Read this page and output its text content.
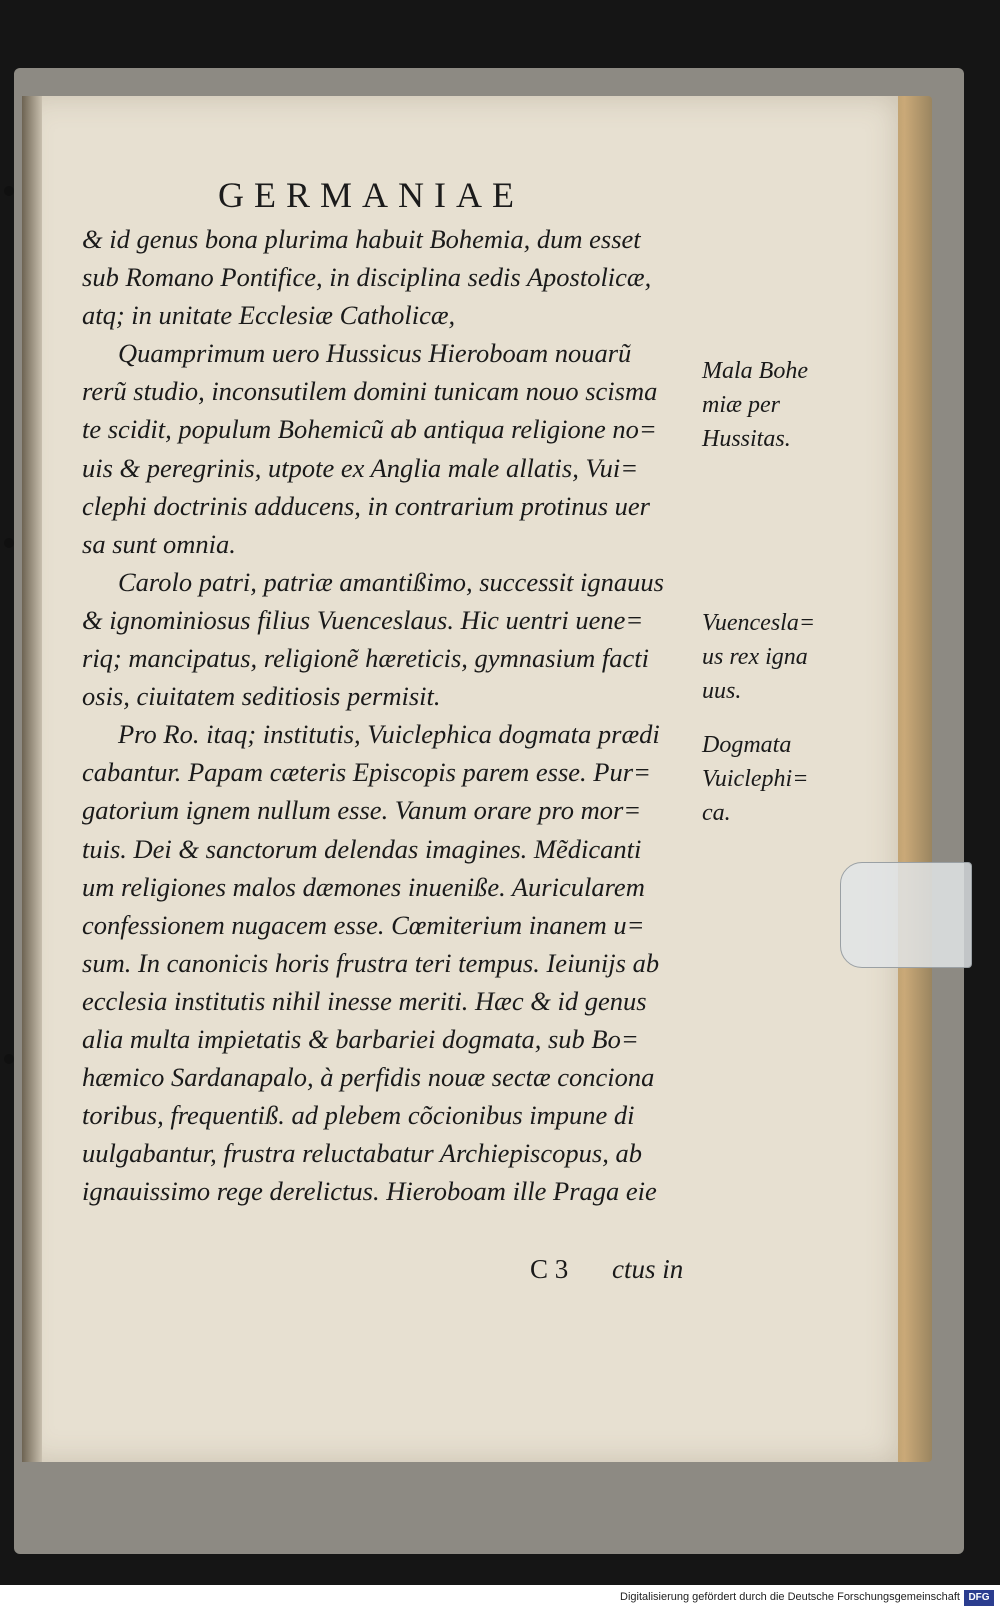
GERMANIAE
& id genus bona plurima habuit Bohemia, dum esset
sub Romano Pontifice, in disciplina sedis Apostolicæ,
atq; in unitate Ecclesiæ Catholicæ,
Quamprimum uero Hussicus Hieroboam nouarũ
rerũ studio, inconsutilem domini tunicam nouo scisma
te scidit, populum Bohemicũ ab antiqua religione no=
uis & peregrinis, utpote ex Anglia male allatis, Vui=
clephi doctrinis adducens, in contrarium protinus uer
sa sunt omnia.
Carolo patri, patriæ amantißimo, successit ignauus
& ignominiosus filius Vuenceslaus. Hic uentri uene=
riq; mancipatus, religionẽ hæreticis, gymnasium facti
osis, ciuitatem seditiosis permisit.
Pro Ro. itaq; institutis, Vuiclephica dogmata prædi
cabantur. Papam cæteris Episcopis parem esse. Pur=
gatorium ignem nullum esse. Vanum orare pro mor=
tuis. Dei & sanctorum delendas imagines. Mẽdicanti
um religiones malos dæmones inueniße. Auricularem
confessionem nugacem esse. Cœmiterium inanem u=
sum. In canonicis horis frustra teri tempus. Ieiunijs ab
ecclesia institutis nihil inesse meriti. Hæc & id genus
alia multa impietatis & barbariei dogmata, sub Bo=
hæmico Sardanapalo, à perfidis nouæ sectæ conciona
toribus, frequentiß. ad plebem cõcionibus impune di
uulgabantur, frustra reluctabatur Archiepiscopus, ab
ignauissimo rege derelictus. Hieroboam ille Praga eie
C 3 ctus in
Mala Bohe
miæ per
Hussitas.
Vuencesla=
us rex igna
uus.
Dogmata
Vuiclephi=
ca.
Digitalisierung gefördert durch die Deutsche Forschungsgemeinschaft DFG
